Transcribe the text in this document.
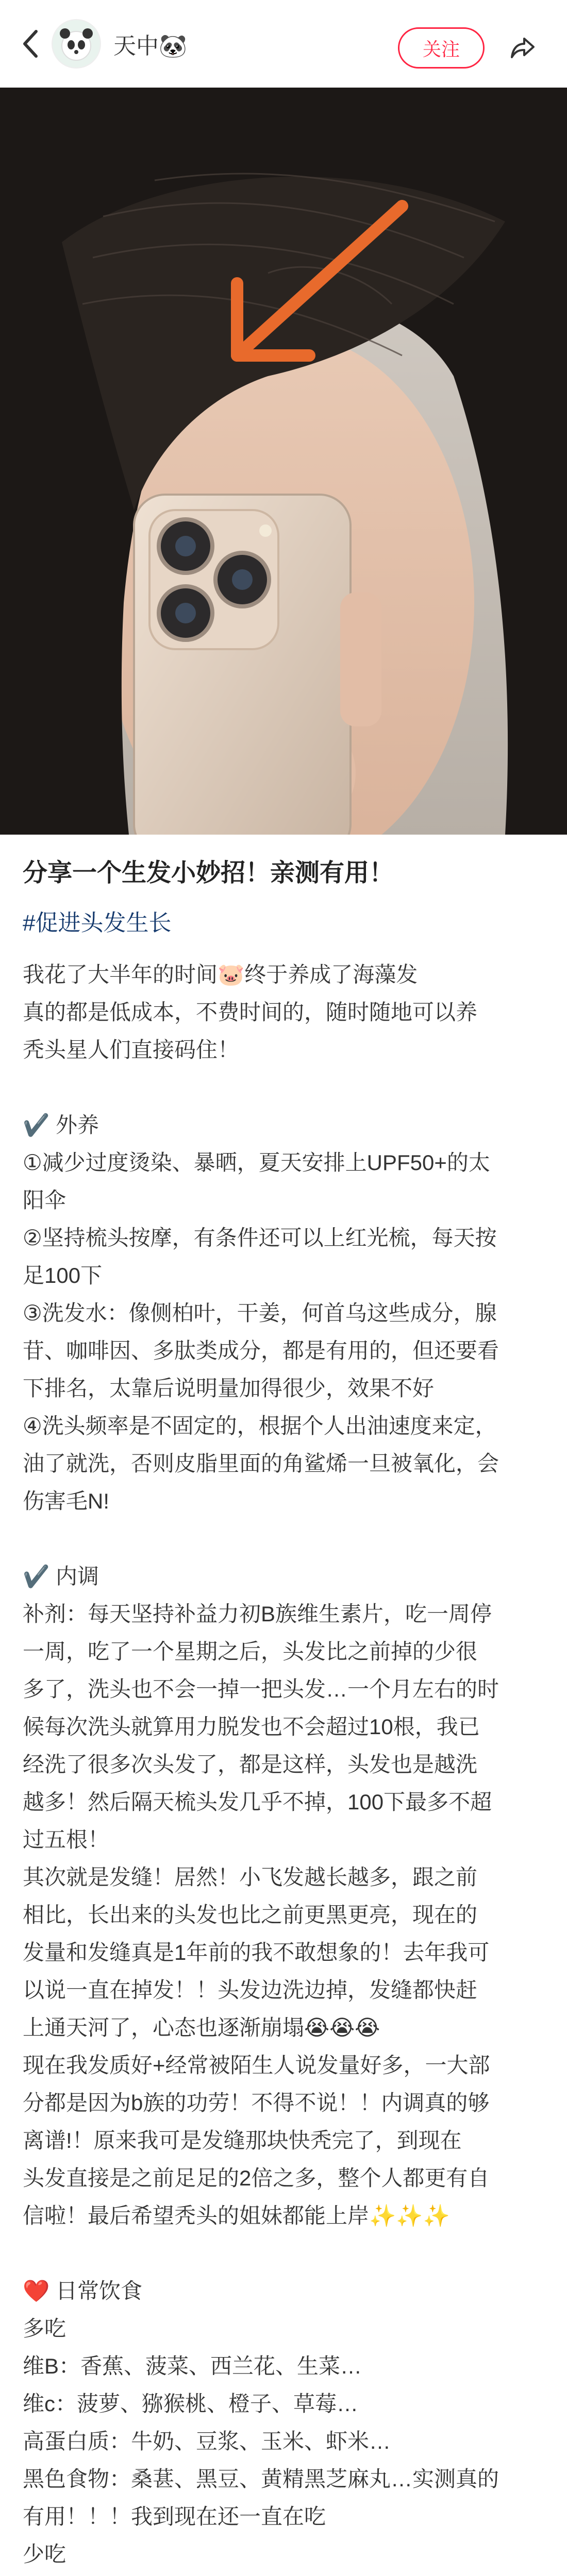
天中🐼	关注
分享一个生发小妙招！亲测有用！
#促进头发生长

我花了大半年的时间🐷终于养成了海藻发

真的都是低成本，不费时间的，随时随地可以养

秃头星人们直接码住！

✔️ 外养

①减少过度烫染、暴晒，夏天安排上UPF50+的太

阳伞

②坚持梳头按摩，有条件还可以上红光梳，每天按

足100下

③洗发水：像侧柏叶，干姜，何首乌这些成分，腺

苷、咖啡因、多肽类成分，都是有用的，但还要看

下排名，太靠后说明量加得很少，效果不好

④洗头频率是不固定的，根据个人出油速度来定，

油了就洗，否则皮脂里面的角鲨烯一旦被氧化，会

伤害毛N!

✔️ 内调

补剂：每天坚持补益力初B族维生素片，吃一周停

一周，吃了一个星期之后，头发比之前掉的少很

多了，洗头也不会一掉一把头发…一个月左右的时

候每次洗头就算用力脱发也不会超过10根，我已

经洗了很多次头发了，都是这样，头发也是越洗

越多！然后隔天梳头发几乎不掉，100下最多不超

过五根！

其次就是发缝！居然！小飞发越长越多，跟之前

相比，长出来的头发也比之前更黑更亮，现在的

发量和发缝真是1年前的我不敢想象的！去年我可

以说一直在掉发！！头发边洗边掉，发缝都快赶

上通天河了，心态也逐渐崩塌😭😭😭

现在我发质好+经常被陌生人说发量好多，一大部

分都是因为b族的功劳！不得不说！！内调真的够

离谱!！原来我可是发缝那块快秃完了，到现在

头发直接是之前足足的2倍之多，整个人都更有自

信啦！最后希望秃头的姐妹都能上岸✨✨✨

❤️ 日常饮食

多吃

维B：香蕉、菠菜、西兰花、生菜…

维c：菠萝、猕猴桃、橙子、草莓…

高蛋白质：牛奶、豆浆、玉米、虾米…

黑色食物：桑葚、黑豆、黄精黑芝麻丸…实测真的

有用！！！我到现在还一直在吃

少吃
